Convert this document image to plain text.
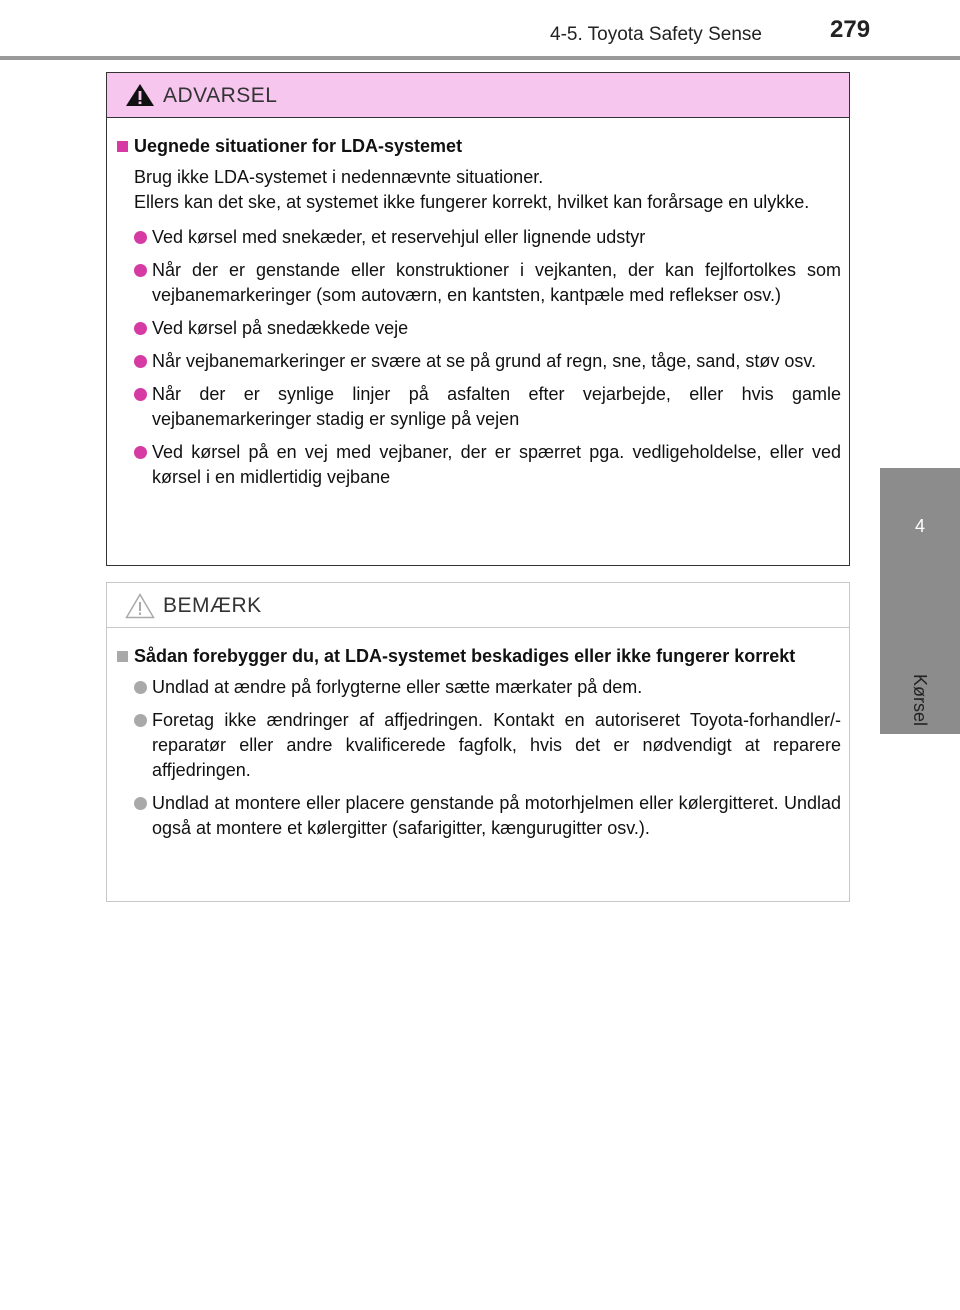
4-5. Toyota Safety Sense	279
4
Kørsel
ADVARSEL
Uegnede situationer for LDA-systemet

Brug ikke LDA-systemet i nedennævnte situationer.

Ellers kan det ske, at systemet ikke fungerer korrekt, hvilket kan forårsage en ulykke.

Ved kørsel med snekæder, et reservehjul eller lignende udstyr
Når der er genstande eller konstruktioner i vejkanten, der kan fejlfortolkes som vejbanemarkeringer (som autoværn, en kantsten, kantpæle med reflekser osv.)
Ved kørsel på snedækkede veje
Når vejbanemarkeringer er svære at se på grund af regn, sne, tåge, sand, støv osv.
Når der er synlige linjer på asfalten efter vejarbejde, eller hvis gamle vejbanemarkeringer stadig er synlige på vejen
Ved kørsel på en vej med vejbaner, der er spærret pga. vedligeholdelse, eller ved kørsel i en midlertidig vejbane
BEMÆRK
Sådan forebygger du, at LDA-systemet beskadiges eller ikke fungerer korrekt
Undlad at ændre på forlygterne eller sætte mærkater på dem.
Foretag ikke ændringer af affjedringen. Kontakt en autoriseret Toyota-forhandler/-reparatør eller andre kvalificerede fagfolk, hvis det er nødvendigt at reparere affjedringen.
Undlad at montere eller placere genstande på motorhjelmen eller kølergitteret. Undlad også at montere et kølergitter (safarigitter, kængurugitter osv.).
